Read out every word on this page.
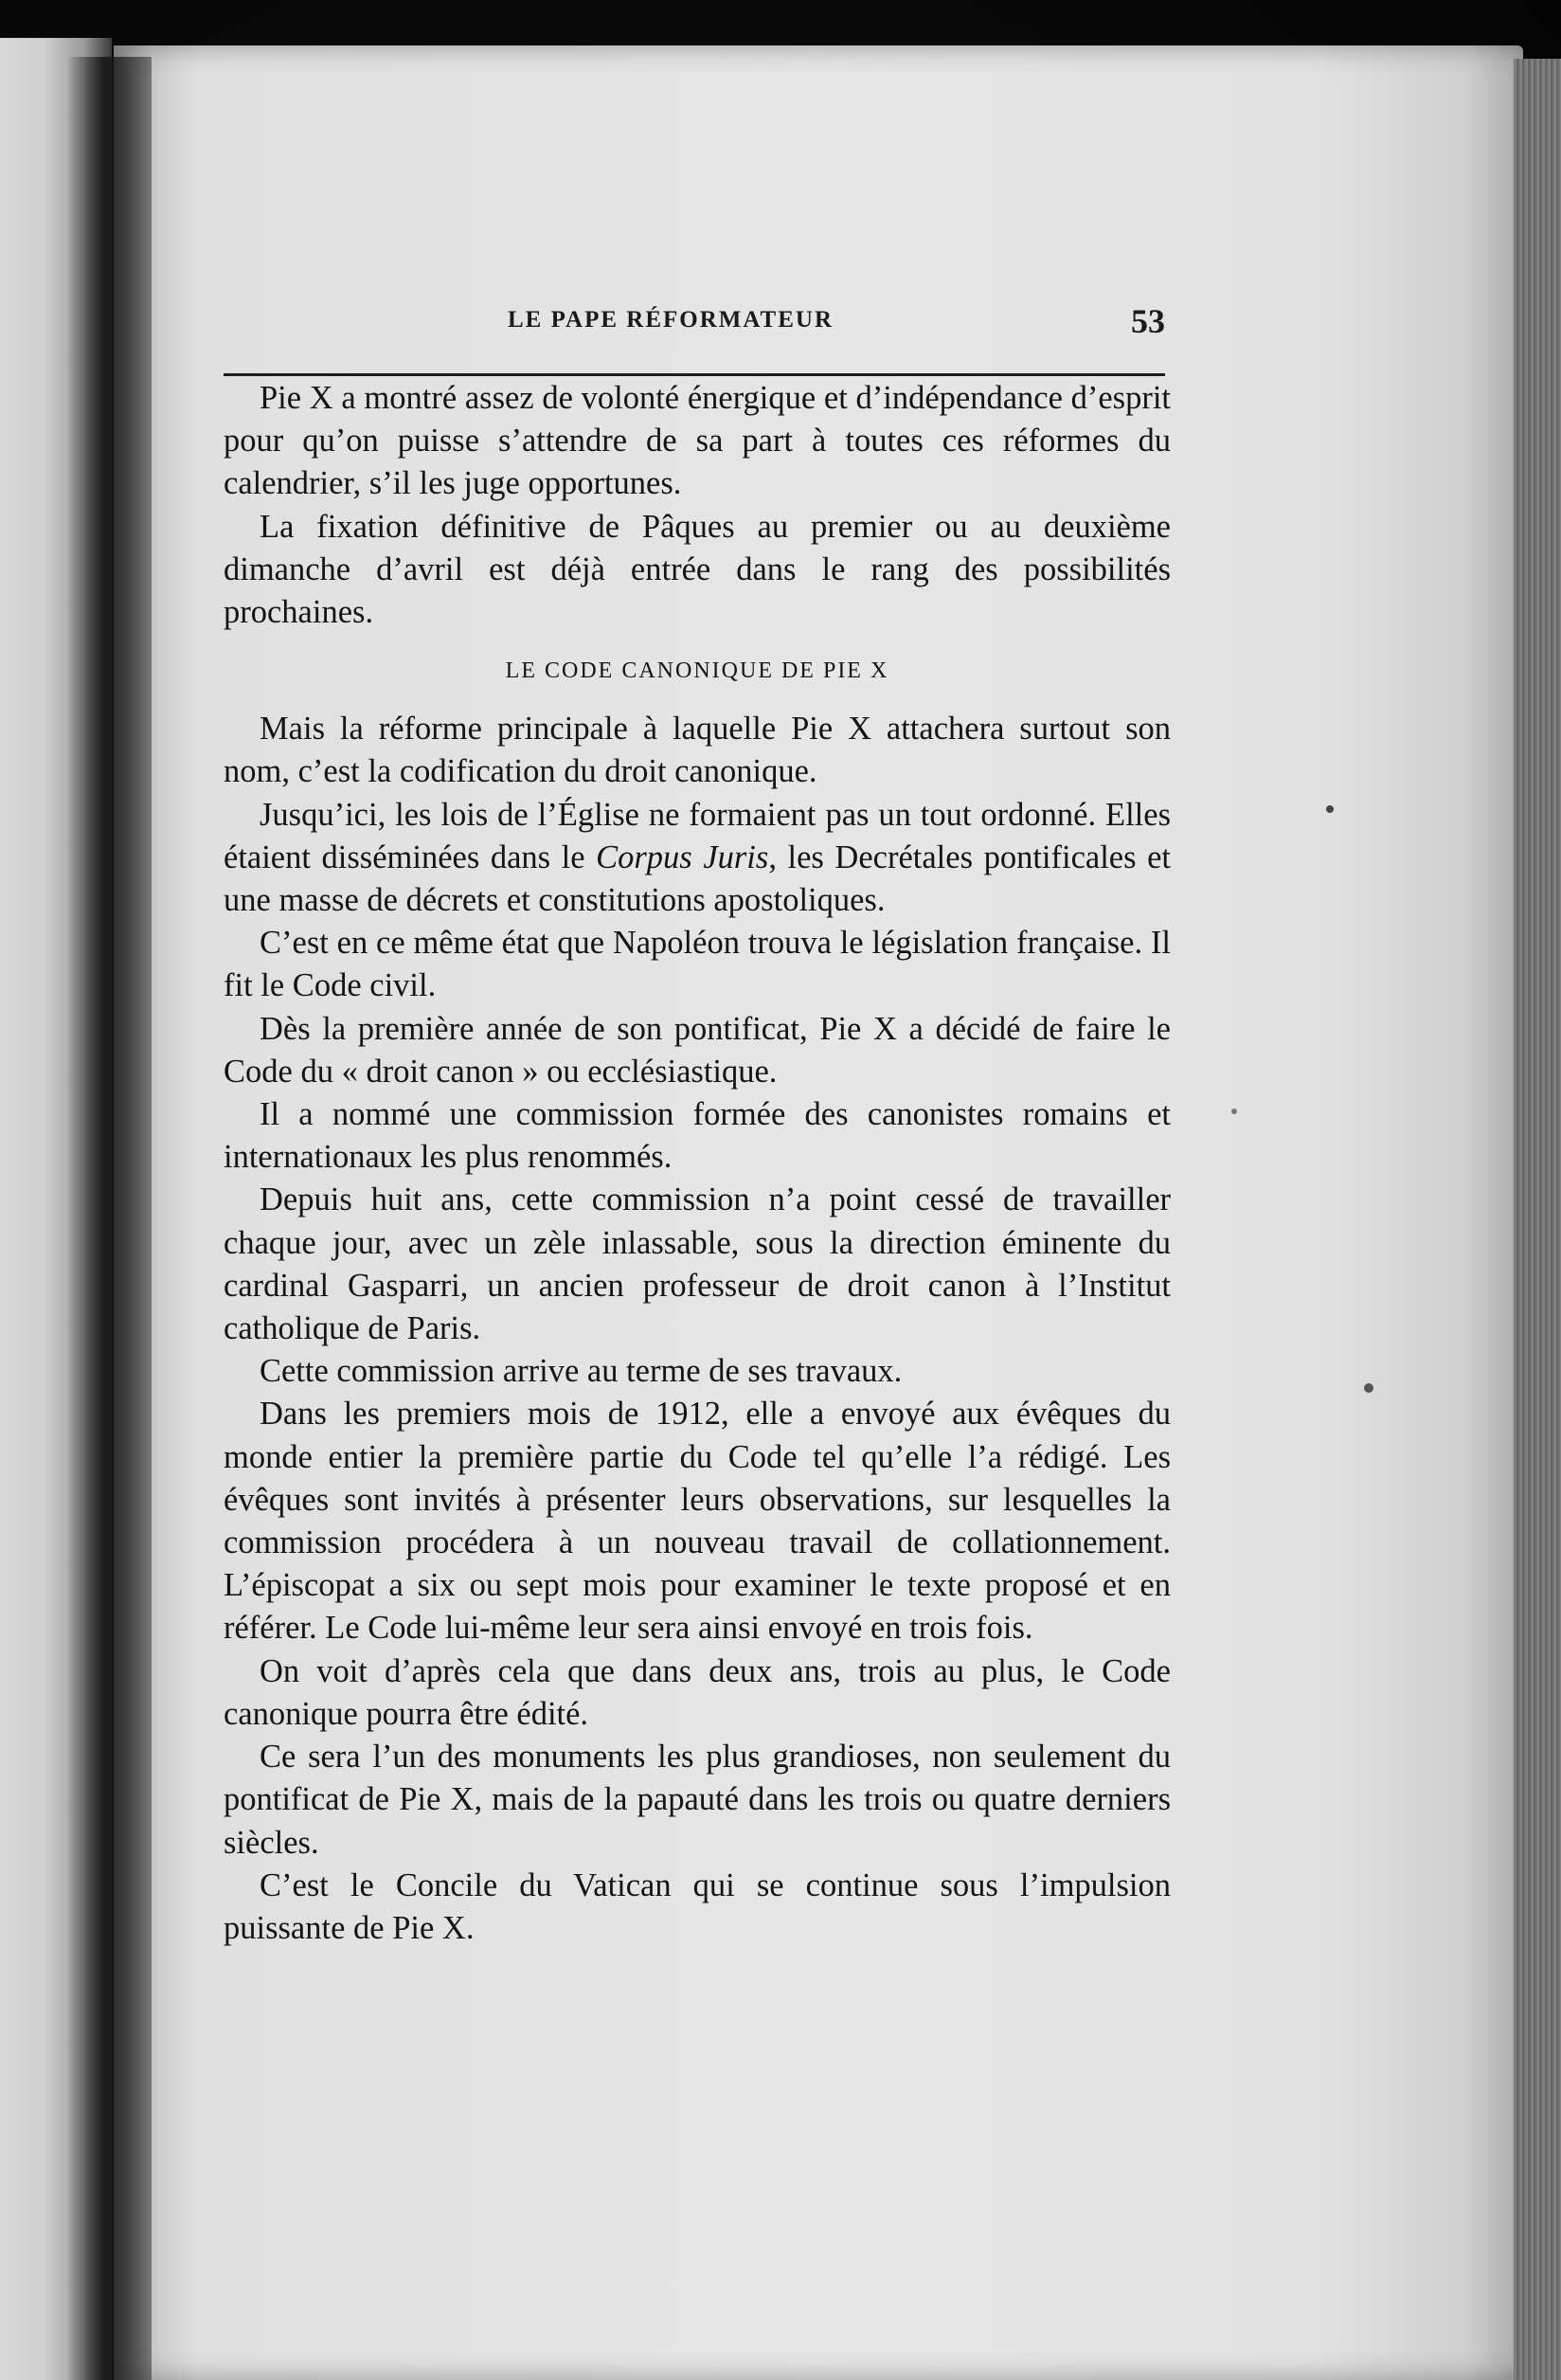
LE PAPE RÉFORMATEUR	53

Pie X a montré assez de volonté énergique et d’indépendance d’esprit pour qu’on puisse s’attendre de sa part à toutes ces réformes du calendrier, s’il les juge opportunes.

La fixation définitive de Pâques au premier ou au deuxième dimanche d’avril est déjà entrée dans le rang des possibilités prochaines.

LE CODE CANONIQUE DE PIE X

Mais la réforme principale à laquelle Pie X attachera surtout son nom, c’est la codification du droit canonique.

Jusqu’ici, les lois de l’Église ne formaient pas un tout ordonné. Elles étaient disséminées dans le Corpus Juris, les Decrétales pontificales et une masse de décrets et constitutions apostoliques.

C’est en ce même état que Napoléon trouva le législation française. Il fit le Code civil.

Dès la première année de son pontificat, Pie X a décidé de faire le Code du « droit canon » ou ecclésiastique.

Il a nommé une commission formée des canonistes romains et internationaux les plus renommés.

Depuis huit ans, cette commission n’a point cessé de travailler chaque jour, avec un zèle inlassable, sous la direction éminente du cardinal Gasparri, un ancien professeur de droit canon à l’Institut catholique de Paris.

Cette commission arrive au terme de ses travaux.

Dans les premiers mois de 1912, elle a envoyé aux évêques du monde entier la première partie du Code tel qu’elle l’a rédigé. Les évêques sont invités à présenter leurs observations, sur lesquelles la commission procédera à un nouveau travail de collationnement. L’épiscopat a six ou sept mois pour examiner le texte proposé et en référer. Le Code lui-même leur sera ainsi envoyé en trois fois.

On voit d’après cela que dans deux ans, trois au plus, le Code canonique pourra être édité.

Ce sera l’un des monuments les plus grandioses, non seulement du pontificat de Pie X, mais de la papauté dans les trois ou quatre derniers siècles.

C’est le Concile du Vatican qui se continue sous l’impulsion puissante de Pie X.
